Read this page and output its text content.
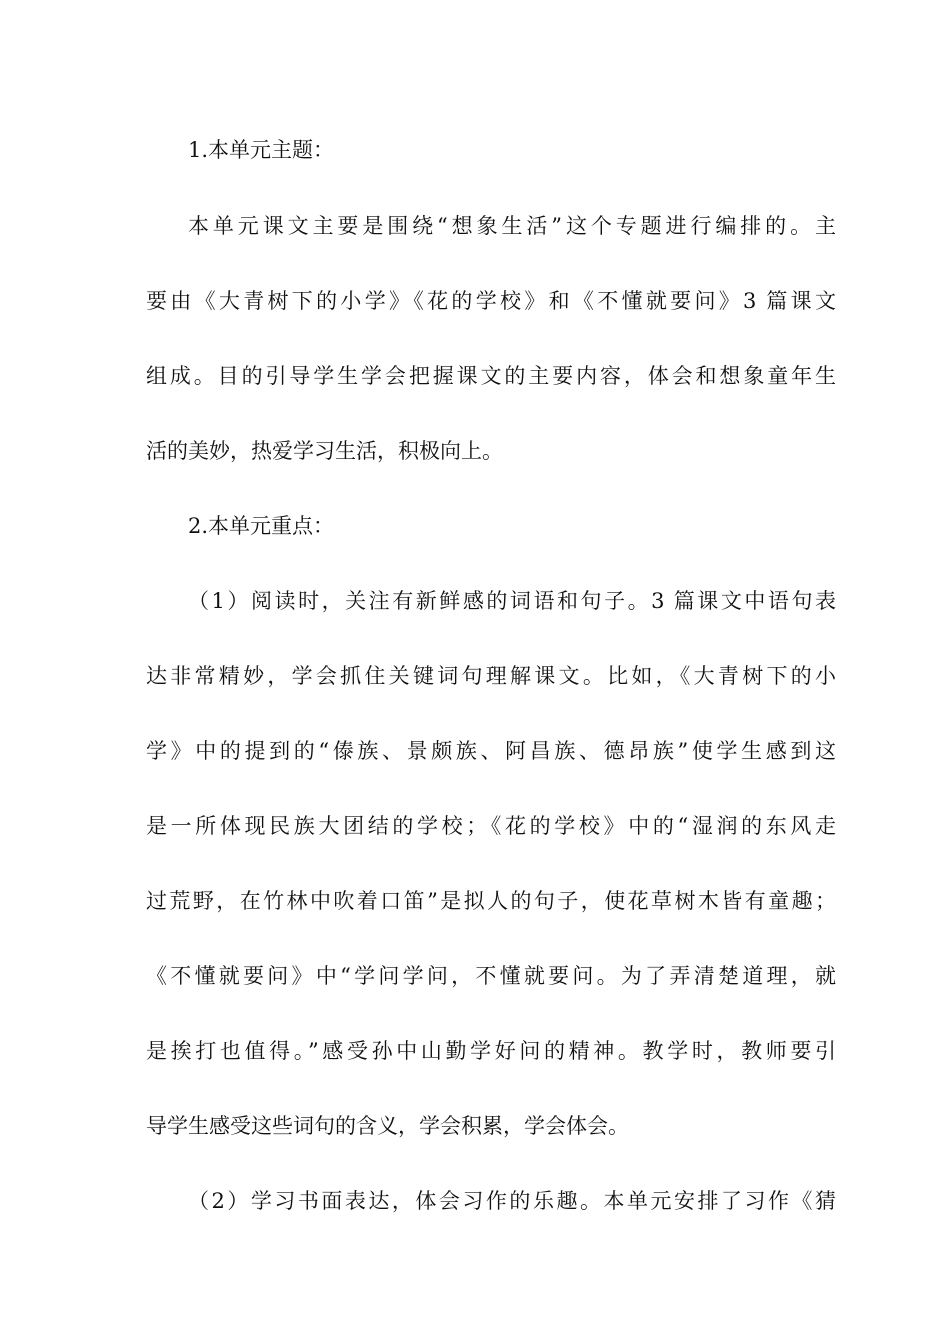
1.本单元主题：
本单元课文主要是围绕“想象生活”这个专题进行编排的。主
要由《大青树下的小学》《花的学校》和《不懂就要问》3 篇课文
组成。目的引导学生学会把握课文的主要内容，体会和想象童年生
活的美妙，热爱学习生活，积极向上。
2.本单元重点：
（1）阅读时，关注有新鲜感的词语和句子。3 篇课文中语句表
达非常精妙，学会抓住关键词句理解课文。比如，《大青树下的小
学》中的提到的“傣族、景颇族、阿昌族、德昂族”使学生感到这
是一所体现民族大团结的学校；《花的学校》中的“湿润的东风走
过荒野，在竹林中吹着口笛”是拟人的句子，使花草树木皆有童趣；
《不懂就要问》中“学问学问，不懂就要问。为了弄清楚道理，就
是挨打也值得。”感受孙中山勤学好问的精神。教学时，教师要引
导学生感受这些词句的含义，学会积累，学会体会。
（2）学习书面表达，体会习作的乐趣。本单元安排了习作《猜
